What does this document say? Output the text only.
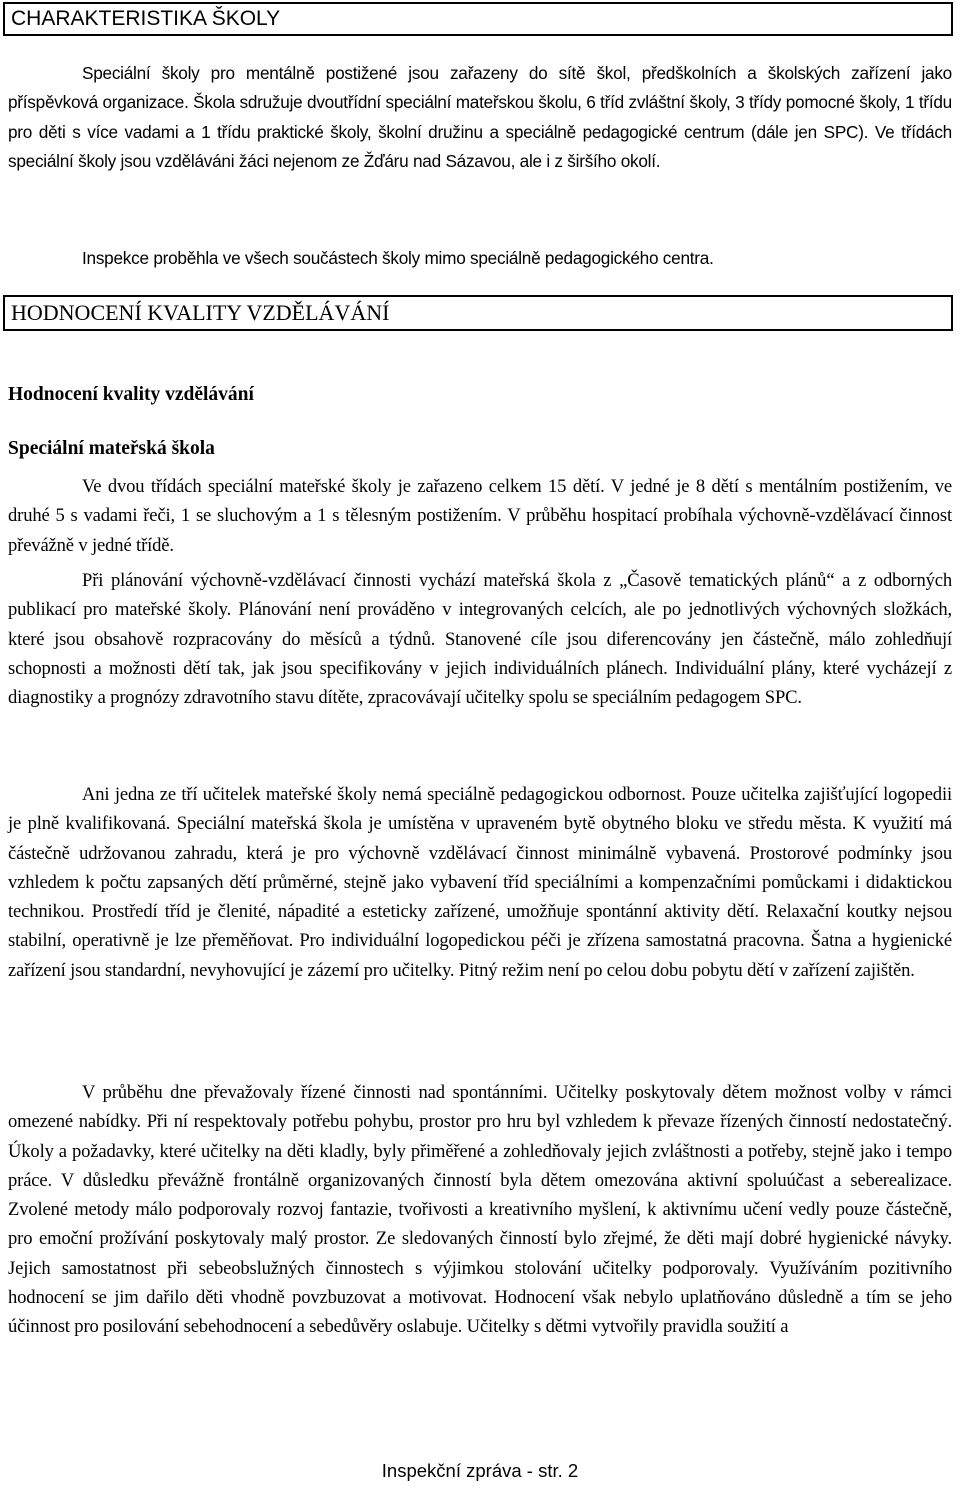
CHARAKTERISTIKA ŠKOLY

Speciální školy pro mentálně postižené jsou zařazeny do sítě škol, předškolních a školských zařízení jako příspěvková organizace. Škola sdružuje dvoutřídní speciální mateřskou školu, 6 tříd zvláštní školy, 3 třídy pomocné školy, 1 třídu pro děti s více vadami a 1 třídu praktické školy, školní družinu a speciálně pedagogické centrum (dále jen SPC). Ve třídách speciální školy jsou vzděláváni žáci nejenom ze Žďáru nad Sázavou, ale i z širšího okolí.

Inspekce proběhla ve všech součástech školy mimo speciálně pedagogického centra.

HODNOCENÍ KVALITY VZDĚLÁVÁNÍ
Hodnocení kvality vzdělávání
Speciální mateřská škola

Ve dvou třídách speciální mateřské školy je zařazeno celkem 15 dětí. V jedné je 8 dětí s mentálním postižením, ve druhé 5 s vadami řeči, 1 se sluchovým a 1 s tělesným postižením. V průběhu hospitací probíhala výchovně-vzdělávací činnost převážně v jedné třídě.

Při plánování výchovně-vzdělávací činnosti vychází mateřská škola z „Časově tematických plánů“ a z odborných publikací pro mateřské školy. Plánování není prováděno v integrovaných celcích, ale po jednotlivých výchovných složkách, které jsou obsahově rozpracovány do měsíců a týdnů. Stanovené cíle jsou diferencovány jen částečně, málo zohledňují schopnosti a možnosti dětí tak, jak jsou specifikovány v jejich individuálních plánech. Individuální plány, které vycházejí z diagnostiky a prognózy zdravotního stavu dítěte, zpracovávají učitelky spolu se speciálním pedagogem SPC.

Ani jedna ze tří učitelek mateřské školy nemá speciálně pedagogickou odbornost. Pouze učitelka zajišťující logopedii je plně kvalifikovaná. Speciální mateřská škola je umístěna v upraveném bytě obytného bloku ve středu města. K využití má částečně udržovanou zahradu, která je pro výchovně vzdělávací činnost minimálně vybavená. Prostorové podmínky jsou vzhledem k počtu zapsaných dětí průměrné, stejně jako vybavení tříd speciálními a kompenzačními pomůckami i didaktickou technikou. Prostředí tříd je členité, nápadité a esteticky zařízené, umožňuje spontánní aktivity dětí. Relaxační koutky nejsou stabilní, operativně je lze přeměňovat. Pro individuální logopedickou péči je zřízena samostatná pracovna. Šatna a hygienické zařízení jsou standardní, nevyhovující je zázemí pro učitelky. Pitný režim není po celou dobu pobytu dětí v zařízení zajištěn.

V průběhu dne převažovaly řízené činnosti nad spontánními. Učitelky poskytovaly dětem možnost volby v rámci omezené nabídky. Při ní respektovaly potřebu pohybu, prostor pro hru byl vzhledem k převaze řízených činností nedostatečný. Úkoly a požadavky, které učitelky na děti kladly, byly přiměřené a zohledňovaly jejich zvláštnosti a potřeby, stejně jako i tempo práce. V důsledku převážně frontálně organizovaných činností byla dětem omezována aktivní spoluúčast a seberealizace. Zvolené metody málo podporovaly rozvoj fantazie, tvořivosti a kreativního myšlení, k aktivnímu učení vedly pouze částečně, pro emoční prožívání poskytovaly malý prostor. Ze sledovaných činností bylo zřejmé, že děti mají dobré hygienické návyky. Jejich samostatnost při sebeobslužných činnostech s výjimkou stolování učitelky podporovaly. Využíváním pozitivního hodnocení se jim dařilo děti vhodně povzbuzovat a motivovat. Hodnocení však nebylo uplatňováno důsledně a tím se jeho účinnost pro posilování sebehodnocení a sebedůvěry oslabuje. Učitelky s dětmi vytvořily pravidla soužití a

Inspekční zpráva - str. 2
